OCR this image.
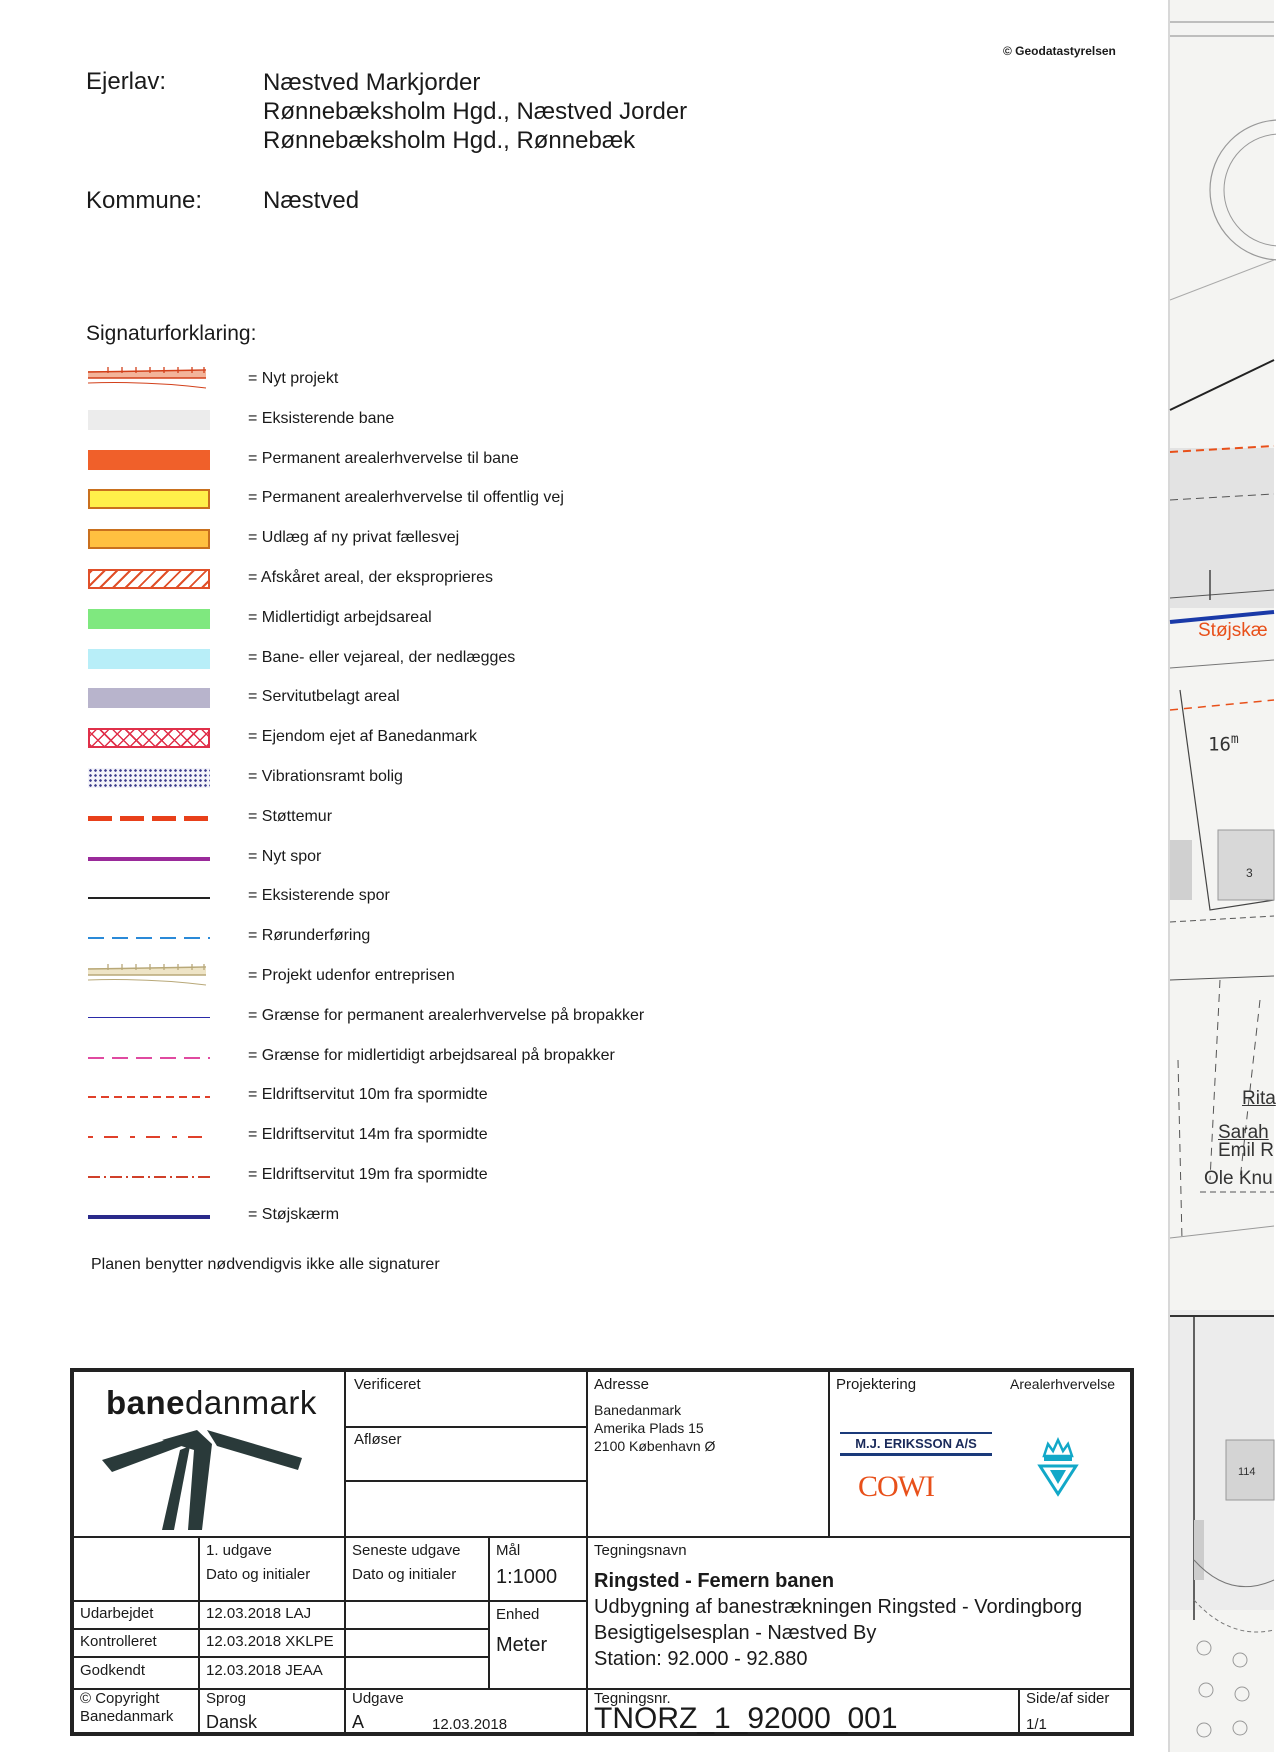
© Geodatastyrelsen
Ejerlav:	Næstved Markjorder
Rønnebæksholm Hgd., Næstved Jorder
Rønnebæksholm Hgd., Rønnebæk
Kommune:	Næstved
Signaturforklaring:
= Nyt projekt
= Eksisterende bane
= Permanent arealerhvervelse til bane
= Permanent arealerhvervelse til offentlig vej
= Udlæg af ny privat fællesvej
= Afskåret areal, der eksproprieres
= Midlertidigt arbejdsareal
= Bane- eller vejareal, der nedlægges
= Servitutbelagt areal
= Ejendom ejet af Banedanmark
= Vibrationsramt bolig
= Støttemur
= Nyt spor
= Eksisterende spor
= Rørunderføring
= Projekt udenfor entreprisen
= Grænse for permanent arealerhvervelse på bropakker
= Grænse for midlertidigt arbejdsareal på bropakker
= Eldriftservitut 10m fra spormidte
= Eldriftservitut 14m fra spormidte
= Eldriftservitut 19m fra spormidte
= Støjskærm
Planen benytter nødvendigvis ikke alle signaturer
banedanmark Verificeret
Afløser
Adresse
Banedanmark
Amerika Plads 15
2100 København Ø
Projektering	Arealerhvervelse
M.J. ERIKSSON A/S
COWI
1. udgave
Dato og initialer
Seneste udgave
Dato og initialer
Mål
1:1000
Enhed
Meter
Udarbejdet	12.03.2018 LAJ
Kontrolleret	12.03.2018 XKLPE
Godkendt	12.03.2018 JEAA
© Copyright
Banedanmark
Sprog
Dansk
Udgave
A	12.03.2018
Tegningsnavn
Ringsted - Femern banen
Udbygning af banestrækningen Ringsted - Vordingborg
Besigtigelsesplan - Næstved By
Station: 92.000 - 92.880
Tegningsnr.
TNORZ_1_92000_001
Side/af sider
1/1
Støjskæ
16$^m$
3
Rita
Sarah
Emil R
Ole Knu
114
